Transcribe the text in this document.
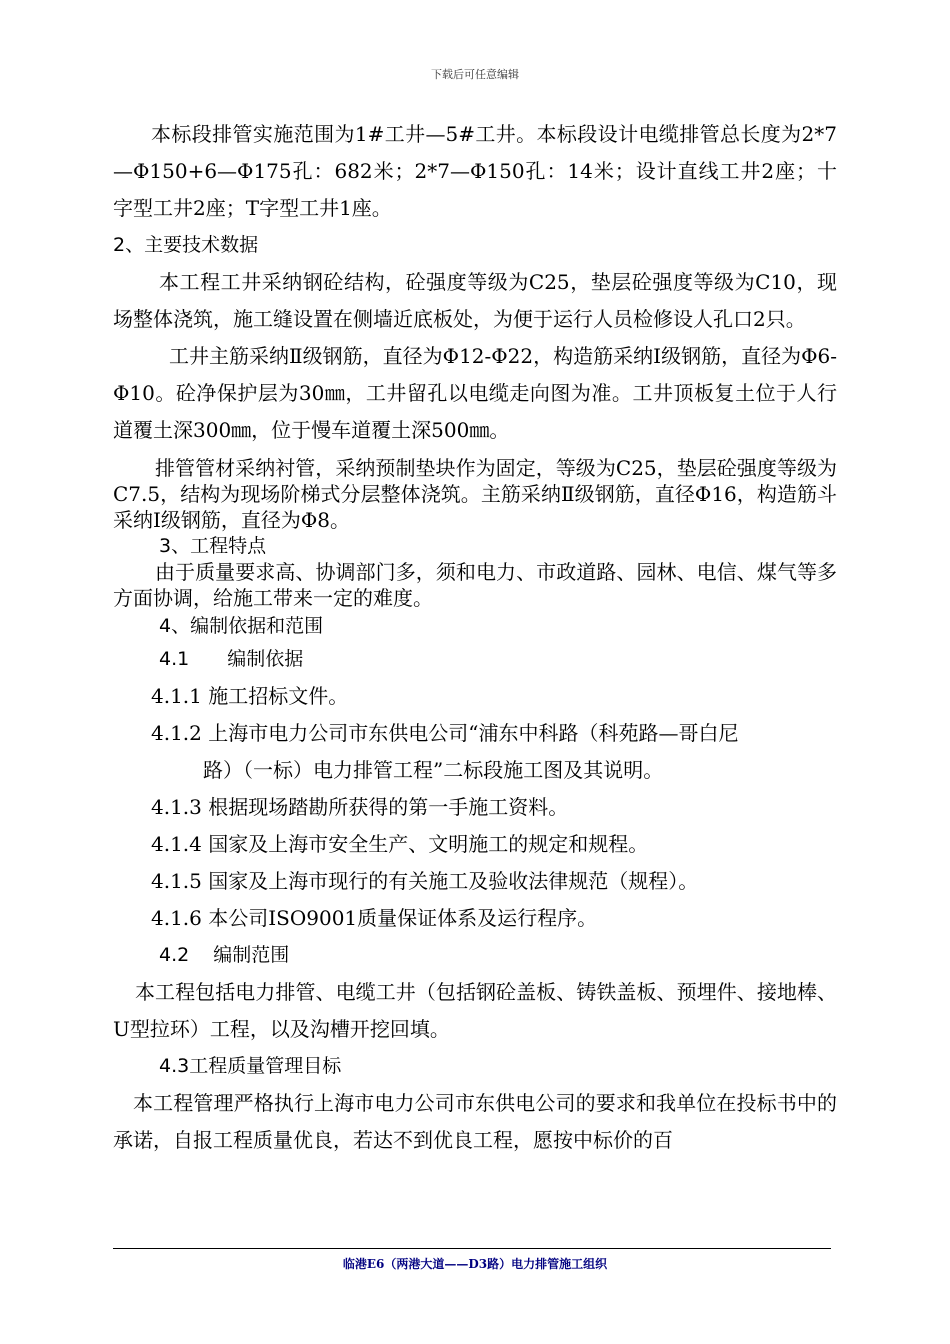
下载后可任意编辑

本标段排管实施范围为1#工井—5#工井。本标段设计电缆排管总长度为2*7—Φ150+6—Φ175孔：682米；2*7—Φ150孔：14米；设计直线工井2座；十字型工井2座；T字型工井1座。

2、主要技术数据

本工程工井采纳钢砼结构，砼强度等级为C25，垫层砼强度等级为C10，现场整体浇筑，施工缝设置在侧墙近底板处，为便于运行人员检修设人孔口2只。

工井主筋采纳Ⅱ级钢筋，直径为Φ12-Φ22，构造筋采纳Ⅰ级钢筋，直径为Φ6-Φ10。砼净保护层为30㎜，工井留孔以电缆走向图为准。工井顶板复土位于人行道覆土深300㎜，位于慢车道覆土深500㎜。

排管管材采纳衬管，采纳预制垫块作为固定，等级为C25，垫层砼强度等级为C7.5，结构为现场阶梯式分层整体浇筑。主筋采纳Ⅱ级钢筋，直径Φ16，构造筋斗采纳Ⅰ级钢筋，直径为Φ8。

3、工程特点

由于质量要求高、协调部门多，须和电力、市政道路、园林、电信、煤气等多方面协调，给施工带来一定的难度。

4、编制依据和范围

4.1 编制依据

4.1.1 施工招标文件。

4.1.2 上海市电力公司市东供电公司“浦东中科路（科苑路—哥白尼
路）（一标）电力排管工程”二标段施工图及其说明。

4.1.3 根据现场踏勘所获得的第一手施工资料。

4.1.4 国家及上海市安全生产、文明施工的规定和规程。

4.1.5 国家及上海市现行的有关施工及验收法律规范（规程）。

4.1.6 本公司ISO9001质量保证体系及运行程序。

4.2 编制范围

本工程包括电力排管、电缆工井（包括钢砼盖板、铸铁盖板、预埋件、接地棒、U型拉环）工程，以及沟槽开挖回填。

4.3工程质量管理目标

本工程管理严格执行上海市电力公司市东供电公司的要求和我单位在投标书中的承诺，自报工程质量优良，若达不到优良工程，愿按中标价的百

临港E6（两港大道——D3路）电力排管施工组织
